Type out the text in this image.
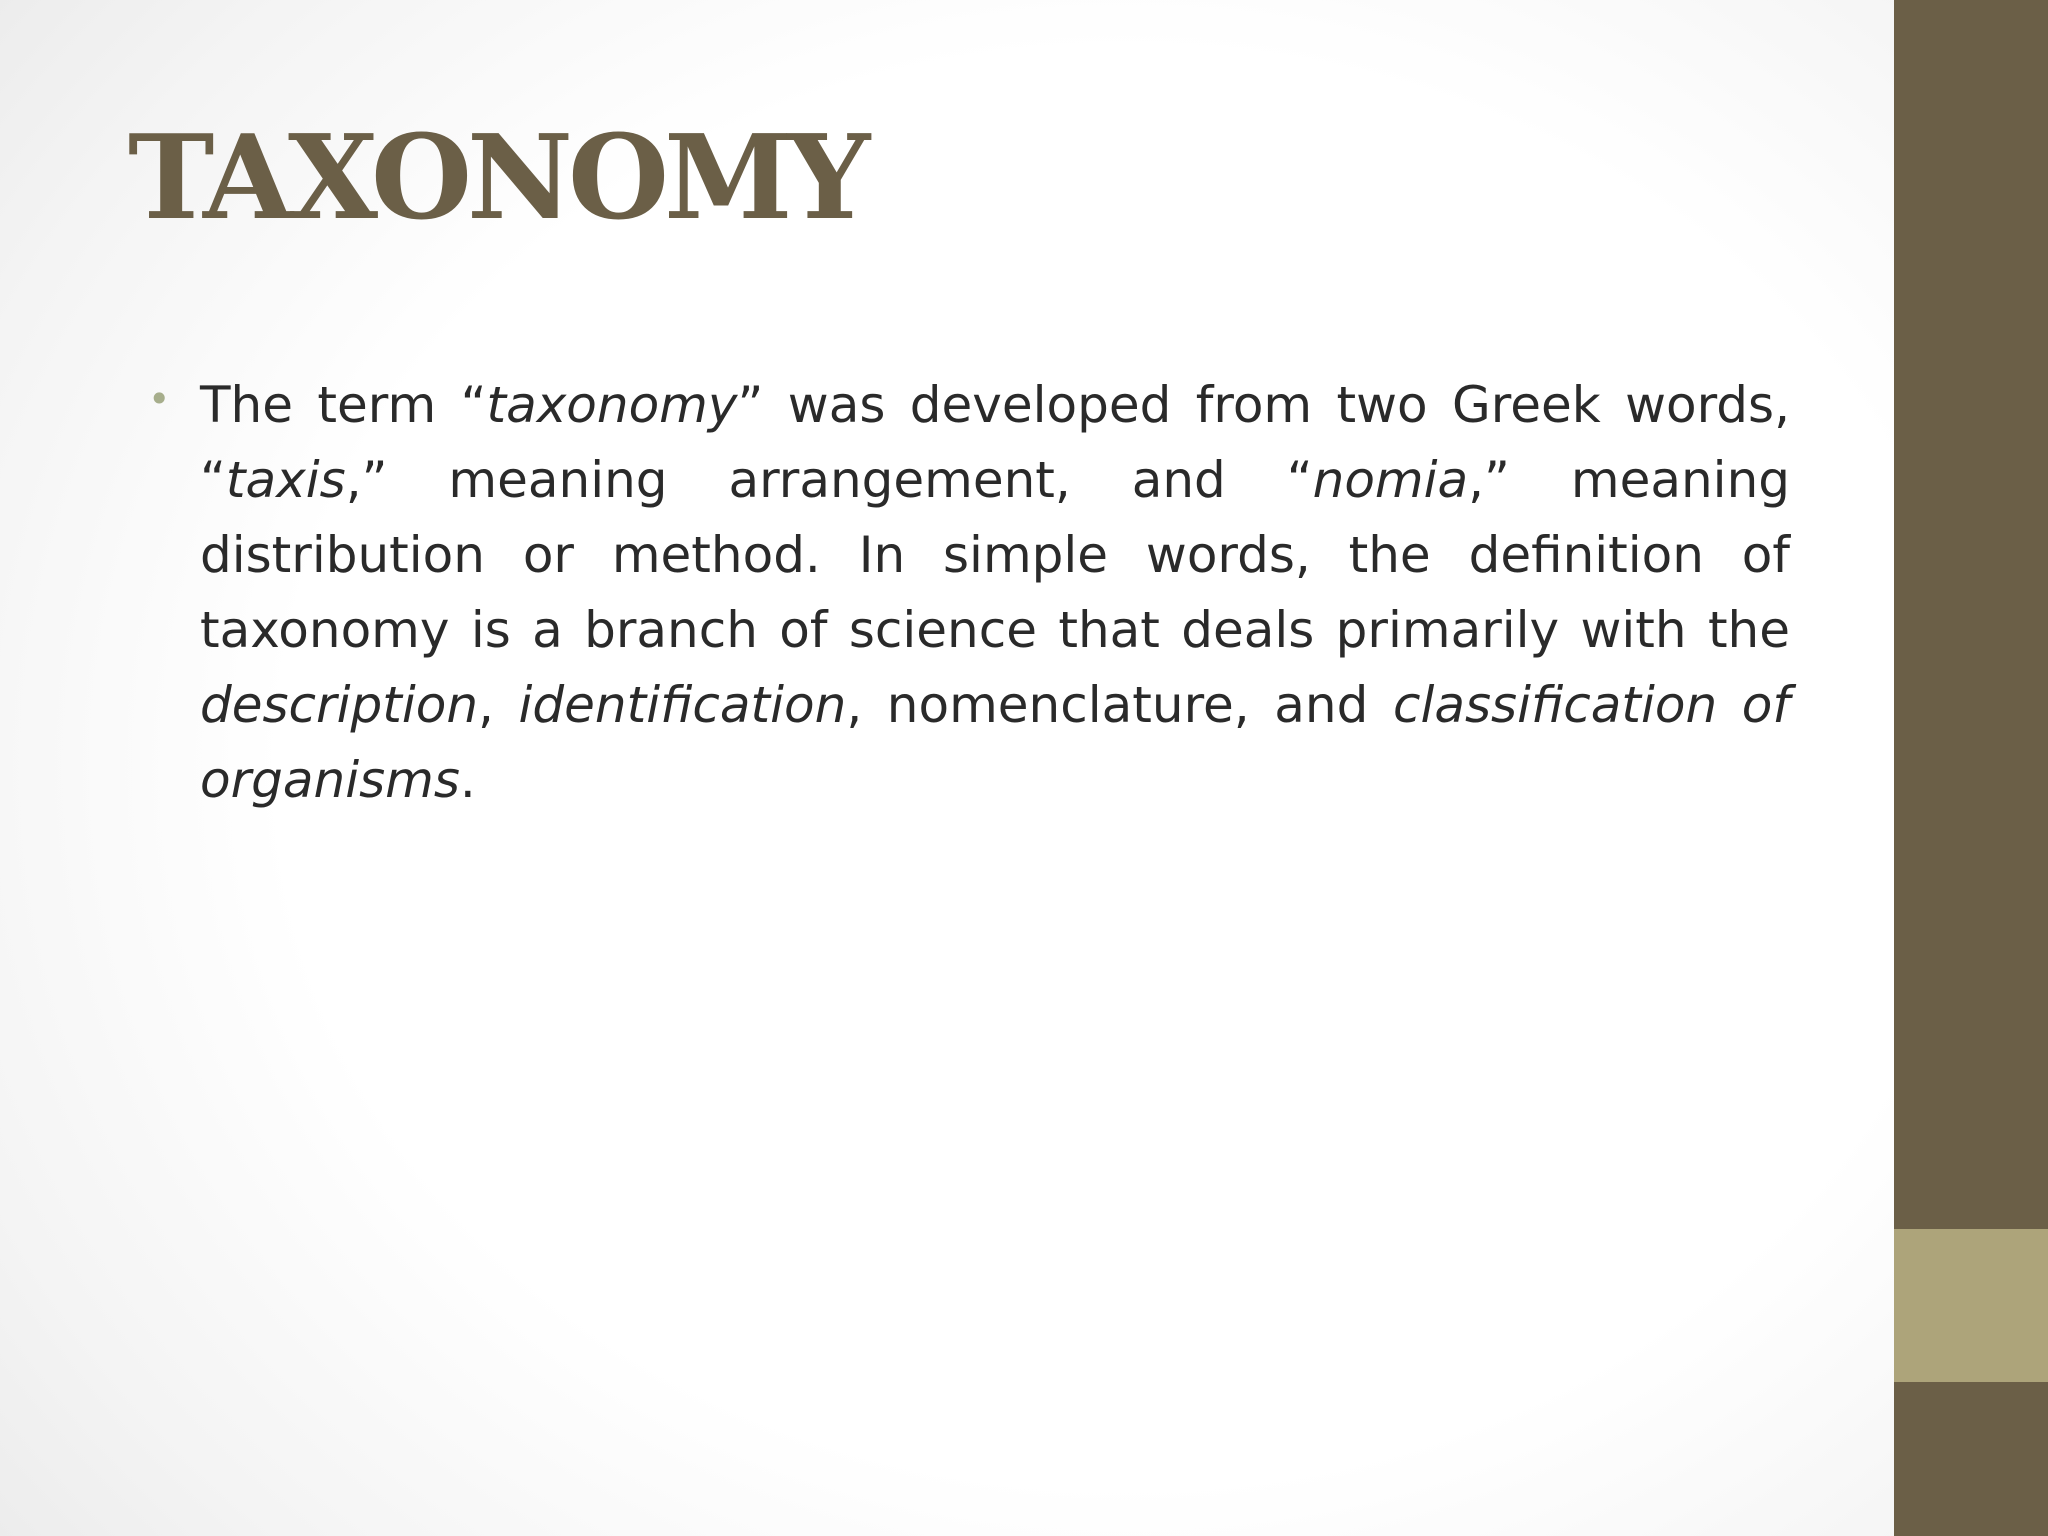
TAXONOMY
• The term “taxonomy” was developed from two Greek words, “taxis,” meaning arrangement, and “nomia,” meaning distribution or method. In simple words, the definition of taxonomy is a branch of science that deals primarily with the description, identification, nomenclature, and classification of organisms.
